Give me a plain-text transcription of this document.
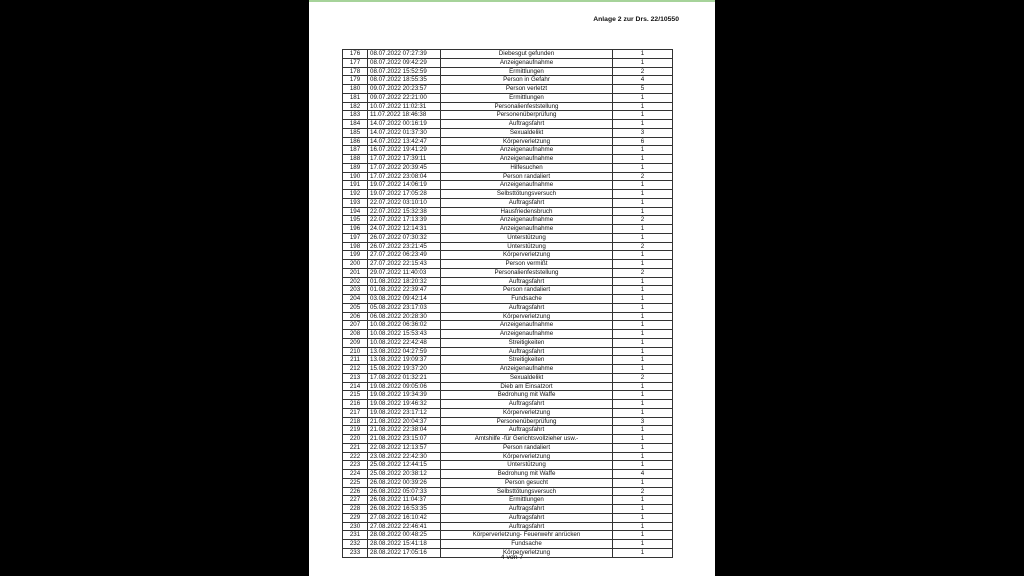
Anlage 2 zur Drs. 22/10550
176	08.07.2022 07:27:39	Diebesgut gefunden	1
177	08.07.2022 09:42:29	Anzeigenaufnahme	1
178	08.07.2022 15:52:59	Ermittlungen	2
179	08.07.2022 18:55:35	Person in Gefahr	4
180	09.07.2022 20:23:57	Person verletzt	5
181	09.07.2022 22:21:00	Ermittlungen	1
182	10.07.2022 11:02:31	Personalienfeststellung	1
183	11.07.2022 18:46:38	Personenüberprüfung	1
184	14.07.2022 00:16:19	Auftragsfahrt	1
185	14.07.2022 01:37:30	Sexualdelikt	3
186	14.07.2022 13:42:47	Körperverletzung	6
187	16.07.2022 19:41:29	Anzeigenaufnahme	1
188	17.07.2022 17:39:11	Anzeigenaufnahme	1
189	17.07.2022 20:39:45	Hilfesuchen	1
190	17.07.2022 23:08:04	Person randaliert	2
191	19.07.2022 14:06:19	Anzeigenaufnahme	1
192	19.07.2022 17:05:28	Selbsttötungsversuch	1
193	22.07.2022 03:10:10	Auftragsfahrt	1
194	22.07.2022 15:32:38	Hausfriedensbruch	1
195	22.07.2022 17:13:39	Anzeigenaufnahme	2
196	24.07.2022 12:14:31	Anzeigenaufnahme	1
197	26.07.2022 07:30:32	Unterstützung	1
198	26.07.2022 23:21:45	Unterstützung	2
199	27.07.2022 06:23:49	Körperverletzung	1
200	27.07.2022 22:15:43	Person vermißt	1
201	29.07.2022 11:40:03	Personalienfeststellung	2
202	01.08.2022 18:20:32	Auftragsfahrt	1
203	01.08.2022 22:39:47	Person randaliert	1
204	03.08.2022 09:42:14	Fundsache	1
205	05.08.2022 23:17:03	Auftragsfahrt	1
206	06.08.2022 20:28:30	Körperverletzung	1
207	10.08.2022 06:36:02	Anzeigenaufnahme	1
208	10.08.2022 15:53:43	Anzeigenaufnahme	1
209	10.08.2022 22:42:48	Streitigkeiten	1
210	13.08.2022 04:27:59	Auftragsfahrt	1
211	13.08.2022 19:09:37	Streitigkeiten	1
212	15.08.2022 19:37:20	Anzeigenaufnahme	1
213	17.08.2022 01:32:21	Sexualdelikt	2
214	19.08.2022 09:05:06	Dieb am Einsatzort	1
215	19.08.2022 19:34:39	Bedrohung mit Waffe	1
216	19.08.2022 19:46:32	Auftragsfahrt	1
217	19.08.2022 23:17:12	Körperverletzung	1
218	21.08.2022 20:04:37	Personenüberprüfung	3
219	21.08.2022 22:38:04	Auftragsfahrt	1
220	21.08.2022 23:15:07	Amtshilfe -für Gerichtsvollzieher usw.-	1
221	22.08.2022 12:13:57	Person randaliert	1
222	23.08.2022 22:42:30	Körperverletzung	1
223	25.08.2022 12:44:15	Unterstützung	1
224	25.08.2022 20:38:12	Bedrohung mit Waffe	4
225	26.08.2022 00:39:26	Person gesucht	1
226	26.08.2022 05:07:33	Selbsttötungsversuch	2
227	26.08.2022 11:04:37	Ermittlungen	1
228	26.08.2022 16:53:35	Auftragsfahrt	1
229	27.08.2022 16:10:42	Auftragsfahrt	1
230	27.08.2022 22:46:41	Auftragsfahrt	1
231	28.08.2022 00:48:25	Körperverletzung- Feuerwehr anrücken	1
232	28.08.2022 15:41:18	Fundsache	1
233	28.08.2022 17:05:16	Körperverletzung	1
4 von 7
